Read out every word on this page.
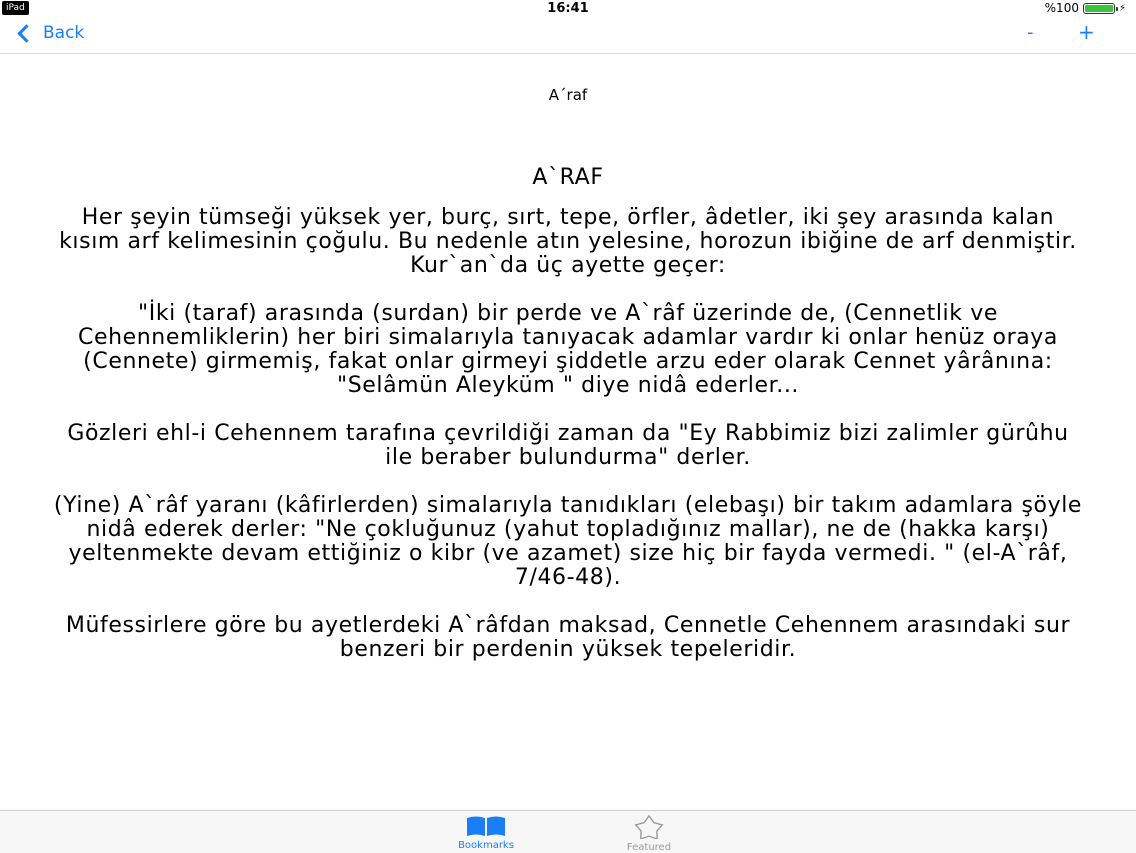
iPad	16:41	%100	⚡
Back	- +
A´raf
A`RAF

Her şeyin tümseği yüksek yer, burç, sırt, tepe, örfler, âdetler, iki şey arasında kalan kısım arf kelimesinin çoğulu. Bu nedenle atın yelesine, horozun ibiğine de arf denmiştir. Kur`an`da üç ayette geçer:

"İki (taraf) arasında (surdan) bir perde ve A`râf üzerinde de, (Cennetlik ve Cehennemliklerin) her biri simalarıyla tanıyacak adamlar vardır ki onlar henüz oraya (Cennete) girmemiş, fakat onlar girmeyi şiddetle arzu eder olarak Cennet yârânına: "Selâmün Aleyküm " diye nidâ ederler...

Gözleri ehl-i Cehennem tarafına çevrildiği zaman da "Ey Rabbimiz bizi zalimler gürûhu ile beraber bulundurma" derler.

(Yine) A`râf yaranı (kâfirlerden) simalarıyla tanıdıkları (elebaşı) bir takım adamlara şöyle nidâ ederek derler: "Ne çokluğunuz (yahut topladığınız mallar), ne de (hakka karşı) yeltenmekte devam ettiğiniz o kibr (ve azamet) size hiç bir fayda vermedi. " (el-A`râf, 7/46-48).

Müfessirlere göre bu ayetlerdeki A`râfdan maksad, Cennetle Cehennem arasındaki sur benzeri bir perdenin yüksek tepeleridir.

Bookmarks	Featured
